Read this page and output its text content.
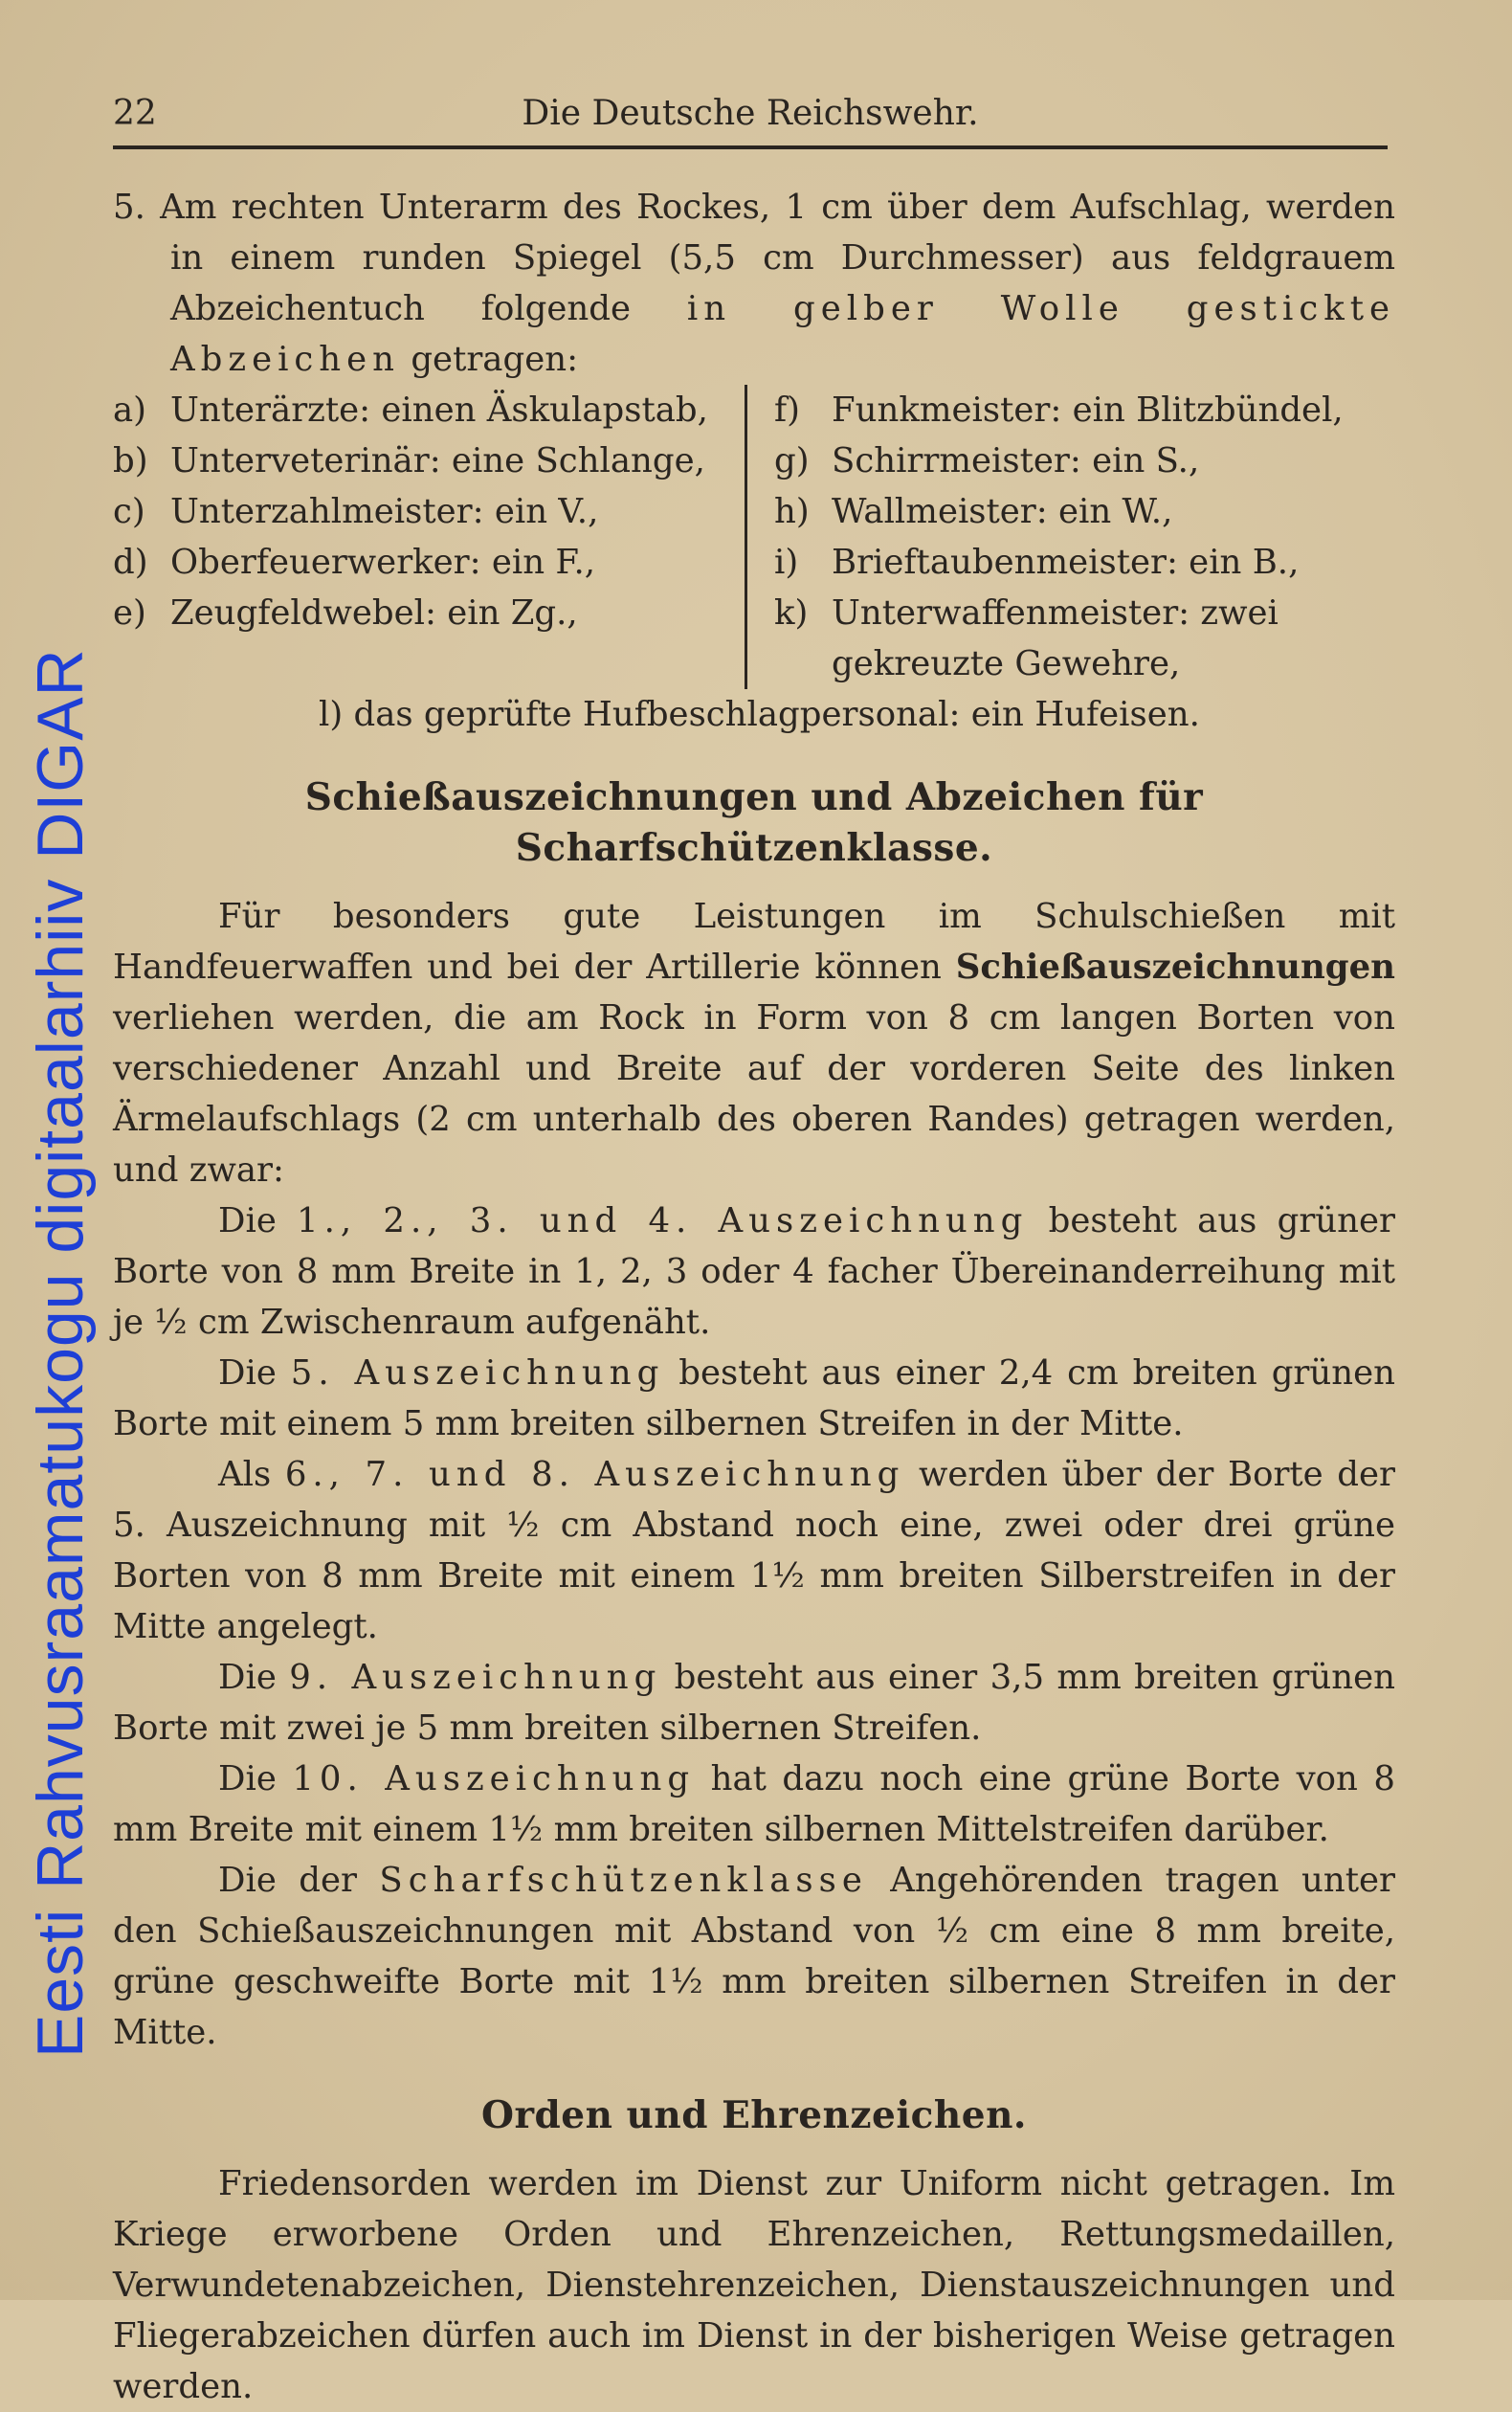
Eesti Rahvusraamatukogu digitaalarhiiv DIGAR
22	Die Deutsche Reichswehr.

5. Am rechten Unterarm des Rockes, 1 cm über dem Aufschlag, werden in einem runden Spiegel (5,5 cm Durchmesser) aus feldgrauem Abzeichentuch folgende in gelber Wolle gestickte Abzeichen getragen:

a) Unterärzte: einen Äskulapstab,
b) Unterveterinär: eine Schlange,
c) Unterzahlmeister: ein V.,
d) Oberfeuerwerker: ein F.,
e) Zeugfeldwebel: ein Zg.,
f) Funkmeister: ein Blitzbündel,
g) Schirrmeister: ein S.,
h) Wallmeister: ein W.,
i) Brieftaubenmeister: ein B.,
k) Unterwaffenmeister: zwei gekreuzte Gewehre,
l) das geprüfte Hufbeschlagpersonal: ein Hufeisen.
Schießauszeichnungen und Abzeichen für Scharfschützenklasse.

Für besonders gute Leistungen im Schulschießen mit Handfeuerwaffen und bei der Artillerie können Schießauszeichnungen verliehen werden, die am Rock in Form von 8 cm langen Borten von verschiedener Anzahl und Breite auf der vorderen Seite des linken Ärmelaufschlags (2 cm unterhalb des oberen Randes) getragen werden, und zwar:

Die 1., 2., 3. und 4. Auszeichnung besteht aus grüner Borte von 8 mm Breite in 1, 2, 3 oder 4 facher Übereinanderreihung mit je ½ cm Zwischenraum aufgenäht.

Die 5. Auszeichnung besteht aus einer 2,4 cm breiten grünen Borte mit einem 5 mm breiten silbernen Streifen in der Mitte.

Als 6., 7. und 8. Auszeichnung werden über der Borte der 5. Auszeichnung mit ½ cm Abstand noch eine, zwei oder drei grüne Borten von 8 mm Breite mit einem 1½ mm breiten Silberstreifen in der Mitte angelegt.

Die 9. Auszeichnung besteht aus einer 3,5 mm breiten grünen Borte mit zwei je 5 mm breiten silbernen Streifen.

Die 10. Auszeichnung hat dazu noch eine grüne Borte von 8 mm Breite mit einem 1½ mm breiten silbernen Mittelstreifen darüber.

Die der Scharfschützenklasse Angehörenden tragen unter den Schießauszeichnungen mit Abstand von ½ cm eine 8 mm breite, grüne geschweifte Borte mit 1½ mm breiten silbernen Streifen in der Mitte.

Orden und Ehrenzeichen.

Friedensorden werden im Dienst zur Uniform nicht getragen. Im Kriege erworbene Orden und Ehrenzeichen, Rettungsmedaillen, Verwundetenabzeichen, Dienstehrenzeichen, Dienstauszeichnungen und Fliegerabzeichen dürfen auch im Dienst in der bisherigen Weise getragen werden.
